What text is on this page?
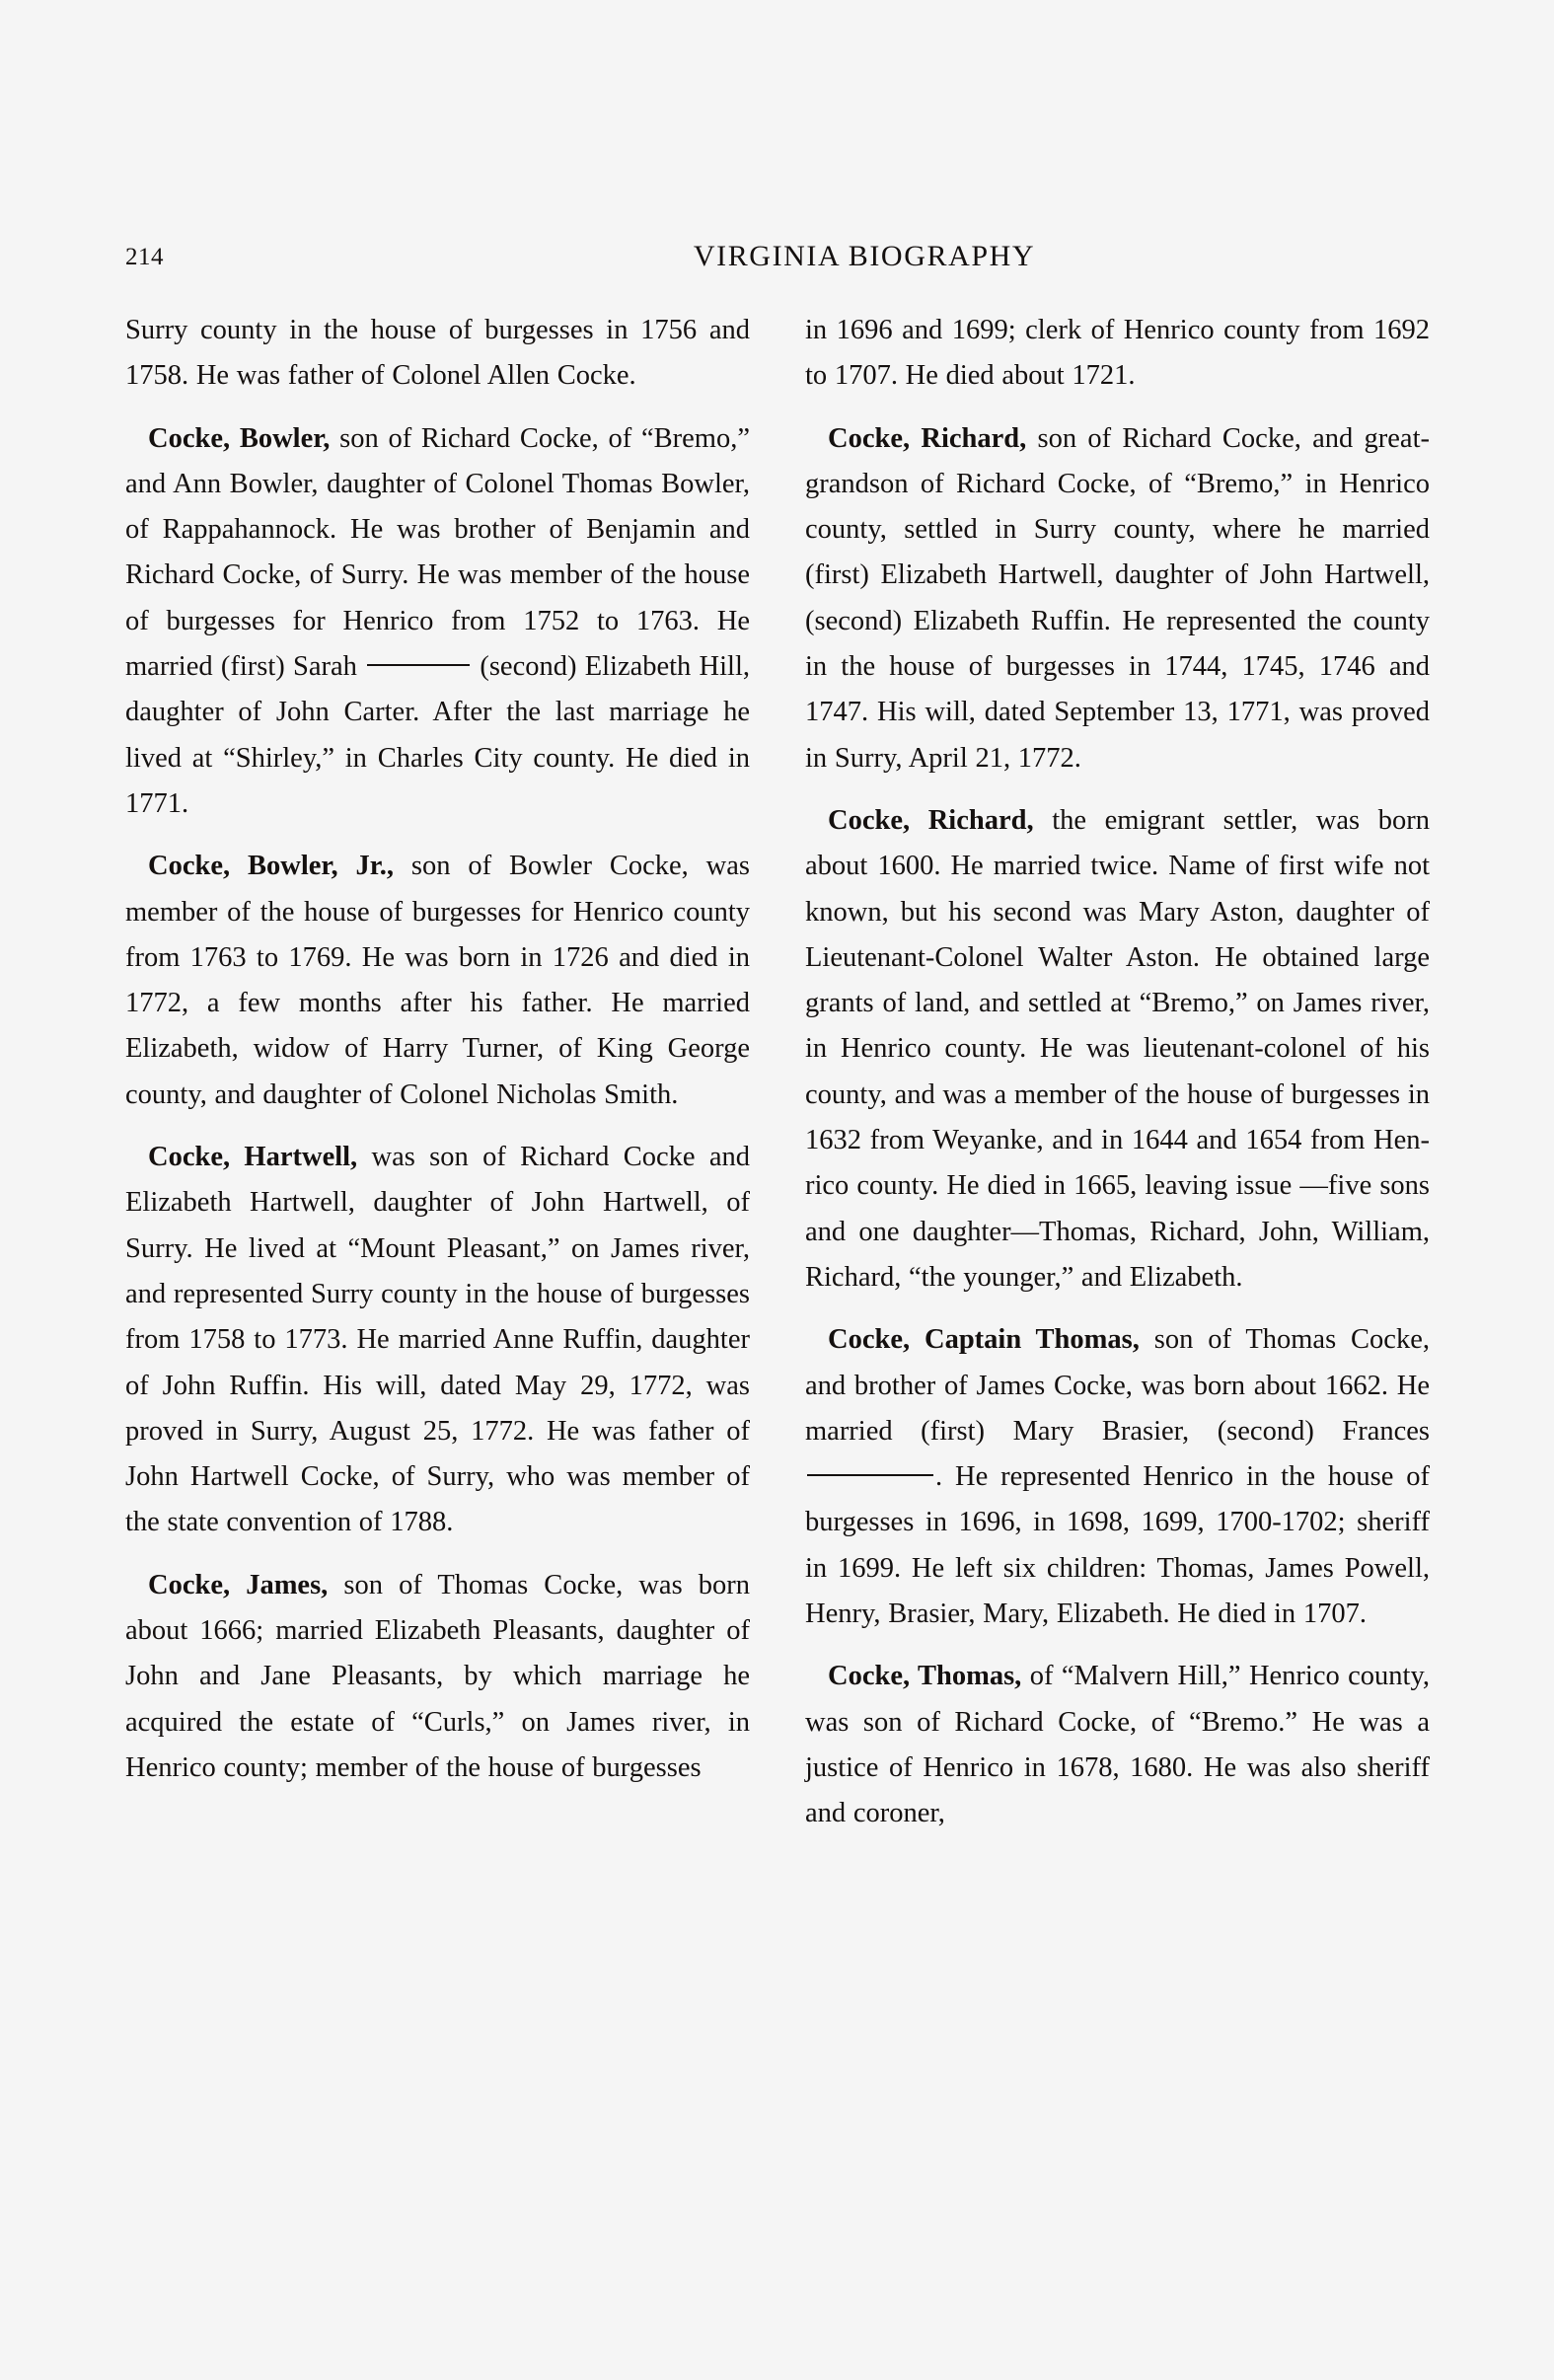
214	VIRGINIA BIOGRAPHY

Surry county in the house of burgesses in 1756 and 1758. He was father of Colonel Allen Cocke.

Cocke, Bowler, son of Richard Cocke, of “Bremo,” and Ann Bowler, daughter of Colonel Thomas Bowler, of Rappahannock. He was brother of Benjamin and Richard Cocke, of Surry. He was member of the house of burgesses for Henrico from 1752 to 1763. He married (first) Sarah	(second) Elizabeth Hill, daughter of John Carter. After the last marriage he lived at “Shirley,” in Charles City county. He died in 1771.

Cocke, Bowler, Jr., son of Bowler Cocke, was member of the house of burgesses for Henrico county from 1763 to 1769. He was born in 1726 and died in 1772, a few months after his father. He married Elizabeth, widow of Harry Turner, of King George county, and daughter of Colonel Nicholas Smith.

Cocke, Hartwell, was son of Richard Cocke and Elizabeth Hartwell, daughter of John Hartwell, of Surry. He lived at “Mount Pleasant,” on James river, and represented Surry county in the house of burgesses from 1758 to 1773. He married Anne Ruffin, daughter of John Ruffin. His will, dated May 29, 1772, was proved in Surry, August 25, 1772. He was father of John Hartwell Cocke, of Surry, who was member of the state convention of 1788.

Cocke, James, son of Thomas Cocke, was born about 1666; married Elizabeth Pleasants, daughter of John and Jane Pleasants, by which marriage he acquired the estate of “Curls,” on James river, in Henrico county; member of the house of burgesses

in 1696 and 1699; clerk of Henrico county from 1692 to 1707. He died about 1721.

Cocke, Richard, son of Richard Cocke, and great-grandson of Richard Cocke, of “Bremo,” in Henrico county, settled in Surry county, where he married (first) Elizabeth Hartwell, daughter of John Hartwell, (second) Elizabeth Ruffin. He represented the county in the house of burgesses in 1744, 1745, 1746 and 1747. His will, dated September 13, 1771, was proved in Surry, April 21, 1772.

Cocke, Richard, the emigrant settler, was born about 1600. He married twice. Name of first wife not known, but his second was Mary Aston, daughter of Lieutenant-Colonel Walter Aston. He obtained large grants of land, and settled at “Bremo,” on James river, in Henrico county. He was lieutenant-colonel of his county, and was a member of the house of burgesses in 1632 from Weyanke, and in 1644 and 1654 from Henrico county. He died in 1665, leaving issue —five sons and one daughter—Thomas, Richard, John, William, Richard, “the younger,” and Elizabeth.

Cocke, Captain Thomas, son of Thomas Cocke, and brother of James Cocke, was born about 1662. He married (first) Mary Brasier, (second) Frances . He represented Henrico in the house of burgesses in 1696, in 1698, 1699, 1700-1702; sheriff in 1699. He left six children: Thomas, James Powell, Henry, Brasier, Mary, Elizabeth. He died in 1707.

Cocke, Thomas, of “Malvern Hill,” Henrico county, was son of Richard Cocke, of “Bremo.” He was a justice of Henrico in 1678, 1680. He was also sheriff and coroner,
